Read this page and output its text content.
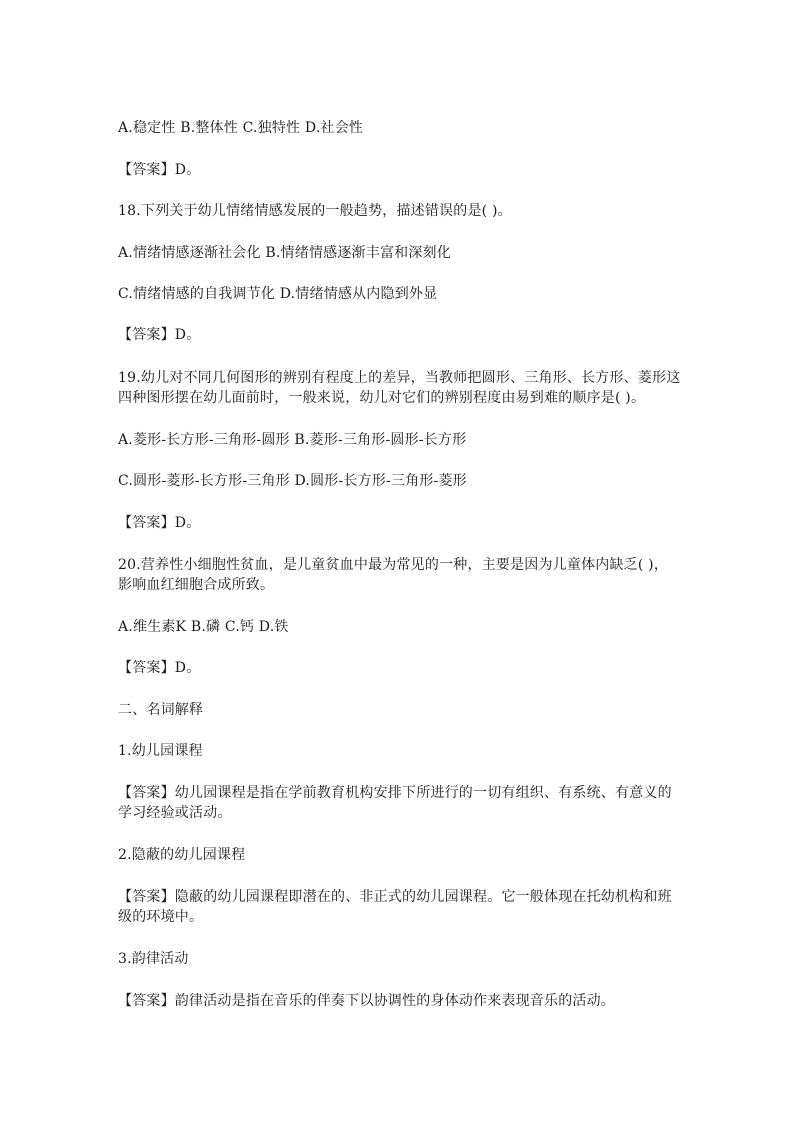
A.稳定性 B.整体性 C.独特性 D.社会性
【答案】D。
18.下列关于幼儿情绪情感发展的一般趋势，描述错误的是( )。
A.情绪情感逐渐社会化 B.情绪情感逐渐丰富和深刻化
C.情绪情感的自我调节化 D.情绪情感从内隐到外显
【答案】D。
19.幼儿对不同几何图形的辨别有程度上的差异，当教师把圆形、三角形、长方形、菱形这
四种图形摆在幼儿面前时，一般来说，幼儿对它们的辨别程度由易到难的顺序是( )。
A.菱形-长方形-三角形-圆形 B.菱形-三角形-圆形-长方形
C.圆形-菱形-长方形-三角形 D.圆形-长方形-三角形-菱形
【答案】D。
20.营养性小细胞性贫血，是儿童贫血中最为常见的一种，主要是因为儿童体内缺乏( )，
影响血红细胞合成所致。
A.维生素K B.磷 C.钙 D.铁
【答案】D。
二、名词解释
1.幼儿园课程
【答案】幼儿园课程是指在学前教育机构安排下所进行的一切有组织、有系统、有意义的
学习经验或活动。
2.隐蔽的幼儿园课程
【答案】隐蔽的幼儿园课程即潜在的、非正式的幼儿园课程。它一般体现在托幼机构和班
级的环境中。
3.韵律活动
【答案】韵律活动是指在音乐的伴奏下以协调性的身体动作来表现音乐的活动。
